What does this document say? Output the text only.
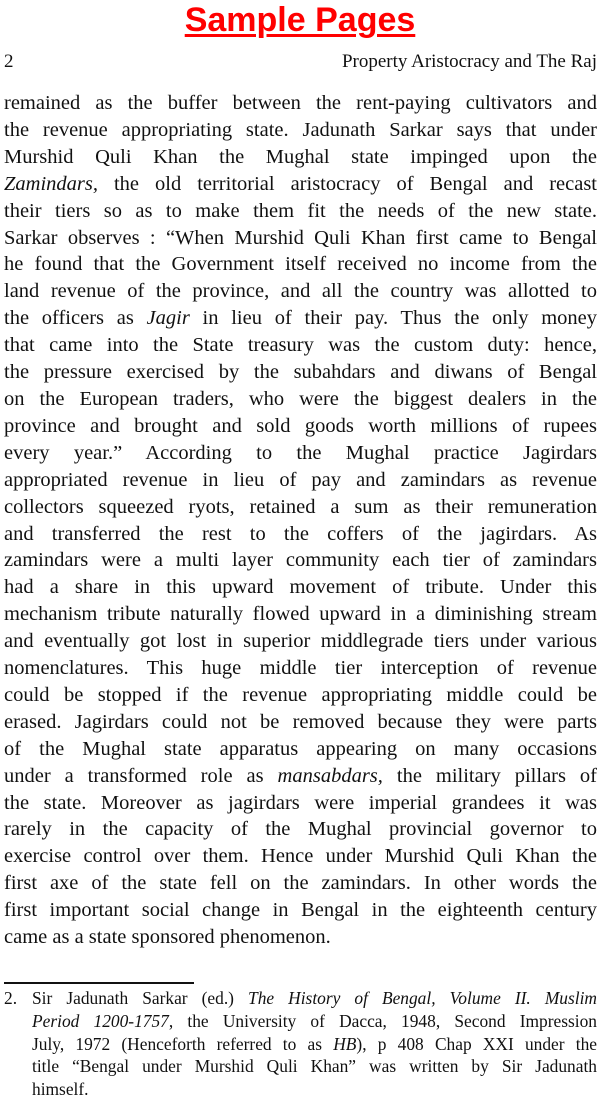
Sample Pages
2	Property Aristocracy and The Raj
remained as the buffer between the rent-paying cultivators and
the revenue appropriating state. Jadunath Sarkar says that under
Murshid Quli Khan the Mughal state impinged upon the
Zamindars, the old territorial aristocracy of Bengal and recast
their tiers so as to make them fit the needs of the new state.
Sarkar observes : “When Murshid Quli Khan first came to Bengal
he found that the Government itself received no income from the
land revenue of the province, and all the country was allotted to
the officers as Jagir in lieu of their pay. Thus the only money
that came into the State treasury was the custom duty: hence,
the pressure exercised by the subahdars and diwans of Bengal
on the European traders, who were the biggest dealers in the
province and brought and sold goods worth millions of rupees
every year.” According to the Mughal practice Jagirdars
appropriated revenue in lieu of pay and zamindars as revenue
collectors squeezed ryots, retained a sum as their remuneration
and transferred the rest to the coffers of the jagirdars. As
zamindars were a multi layer community each tier of zamindars
had a share in this upward movement of tribute. Under this
mechanism tribute naturally flowed upward in a diminishing stream
and eventually got lost in superior middlegrade tiers under various
nomenclatures. This huge middle tier interception of revenue
could be stopped if the revenue appropriating middle could be
erased. Jagirdars could not be removed because they were parts
of the Mughal state apparatus appearing on many occasions
under a transformed role as mansabdars, the military pillars of
the state. Moreover as jagirdars were imperial grandees it was
rarely in the capacity of the Mughal provincial governor to
exercise control over them. Hence under Murshid Quli Khan the
first axe of the state fell on the zamindars. In other words the
first important social change in Bengal in the eighteenth century
came as a state sponsored phenomenon.
2. Sir Jadunath Sarkar (ed.) The History of Bengal, Volume II. Muslim
Period 1200-1757, the University of Dacca, 1948, Second Impression
July, 1972 (Henceforth referred to as HB), p 408 Chap XXI under the
title “Bengal under Murshid Quli Khan” was written by Sir Jadunath
himself.
